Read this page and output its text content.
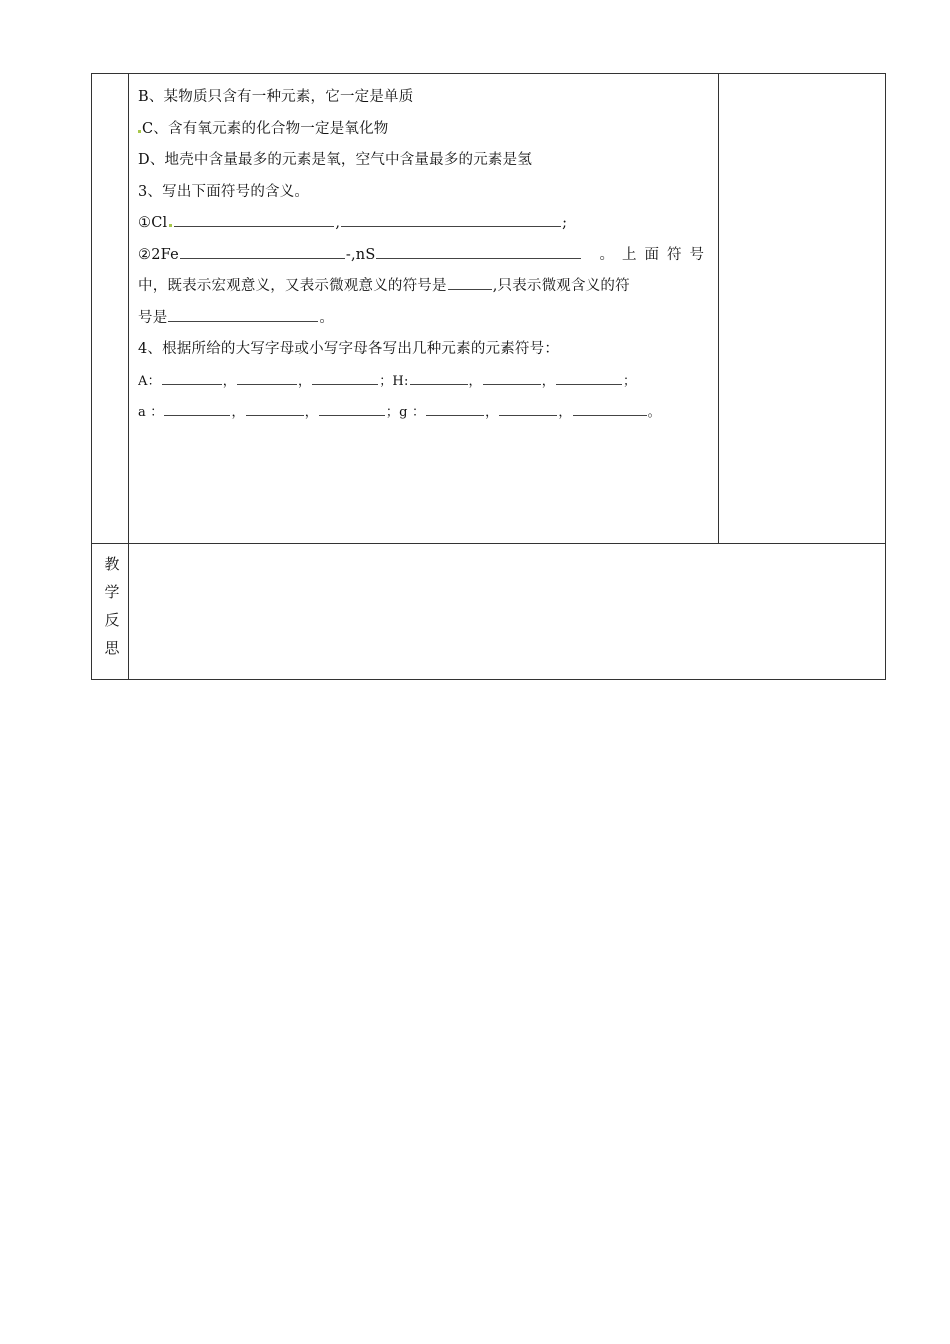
B、某物质只含有一种元素，它一定是单质
C、含有氧元素的化合物一定是氧化物
D、地壳中含量最多的元素是氧，空气中含量最多的元素是氢
3、写出下面符号的含义。
①Cl	,	;
②2Fe	-,nS	。上面符号
中，既表示宏观意义，又表示微观意义的符号是	,只表示微观含义的符
号是	。
4、根据所给的大写字母或小写字母各写出几种元素的元素符号：
A：	，	，	；H:	，	，	；
a ：	，	，	；g ：	，	，	。
教
学
反
思
